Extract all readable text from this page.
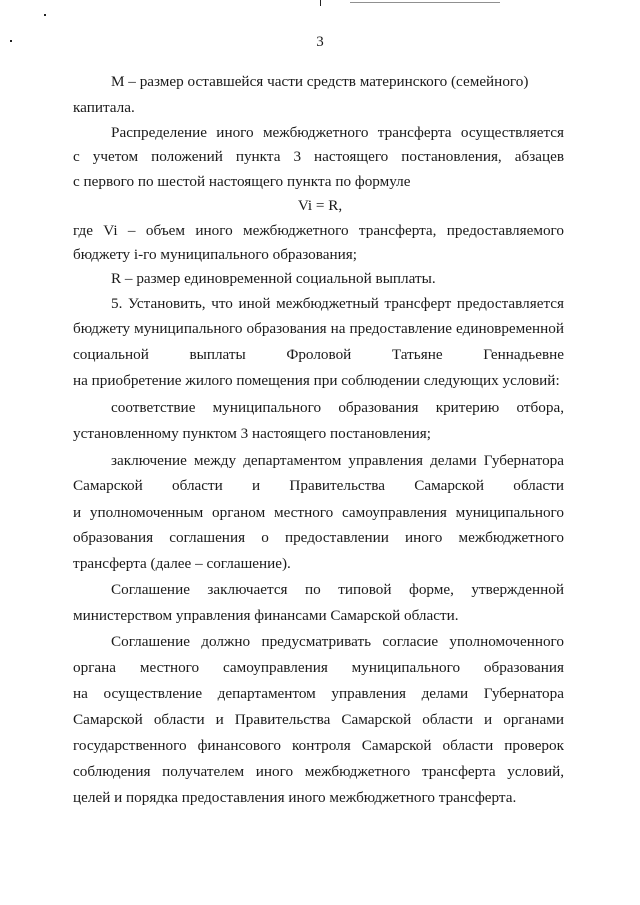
3
М – размер оставшейся части средств материнского (семейного)
капитала.
Распределение иного межбюджетного трансферта осуществляется
с учетом положений пункта 3 настоящего постановления, абзацев
с первого по шестой настоящего пункта по формуле
Vi = R,
где Vi – объем иного межбюджетного трансферта, предоставляемого
бюджету i-го муниципального образования;
R – размер единовременной социальной выплаты.
5. Установить, что иной межбюджетный трансферт предоставляется
бюджету муниципального образования на предоставление единовременной
социальной выплаты Фроловой Татьяне Геннадьевне
на приобретение жилого помещения при соблюдении следующих условий:
соответствие муниципального образования критерию отбора,
установленному пунктом 3 настоящего постановления;
заключение между департаментом управления делами Губернатора
Самарской области и Правительства Самарской области
и уполномоченным органом местного самоуправления муниципального
образования соглашения о предоставлении иного межбюджетного
трансферта (далее – соглашение).
Соглашение заключается по типовой форме, утвержденной
министерством управления финансами Самарской области.
Соглашение должно предусматривать согласие уполномоченного
органа местного самоуправления муниципального образования
на осуществление департаментом управления делами Губернатора
Самарской области и Правительства Самарской области и органами
государственного финансового контроля Самарской области проверок
соблюдения получателем иного межбюджетного трансферта условий,
целей и порядка предоставления иного межбюджетного трансферта.
